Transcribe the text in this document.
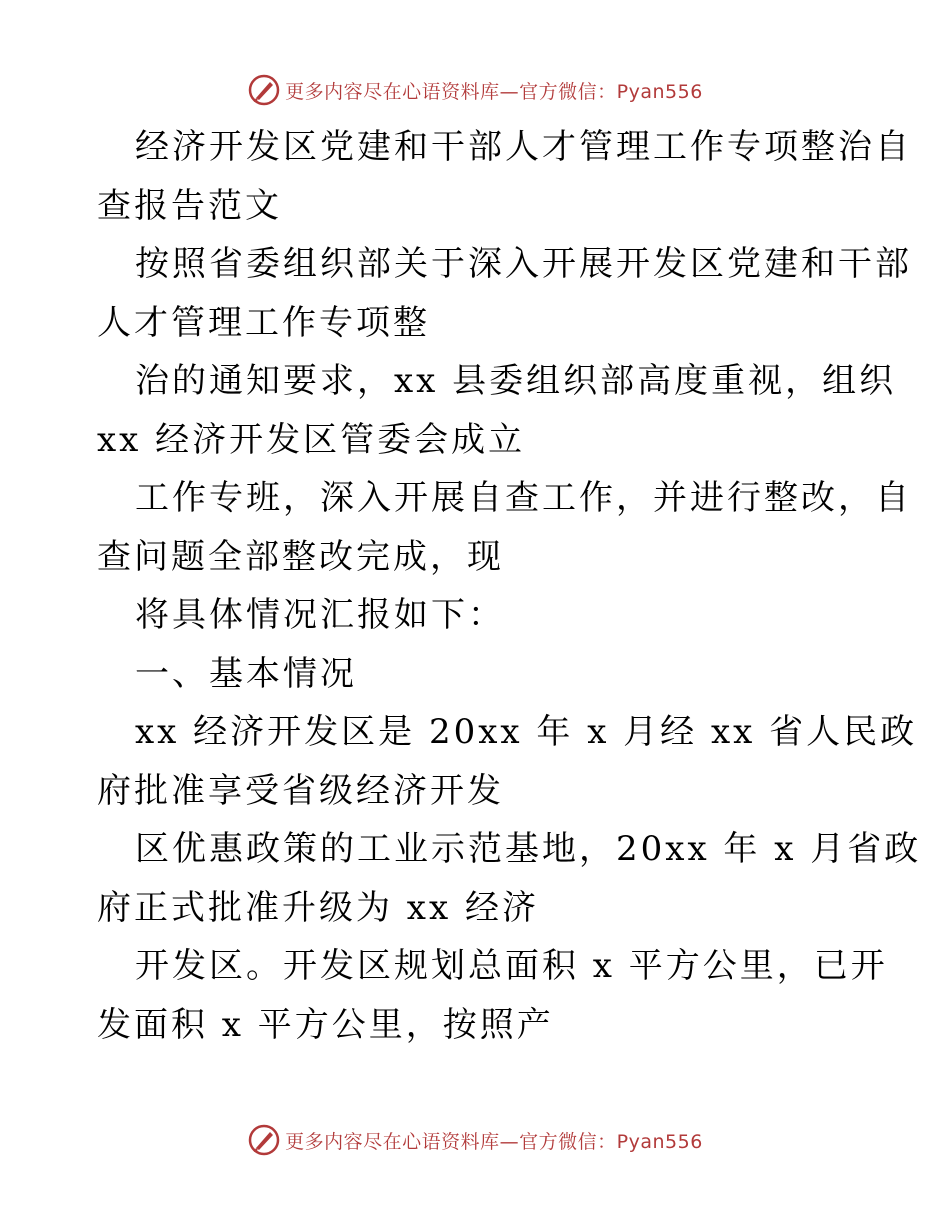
更多内容尽在心语资料库—官方微信：Pyan556
经济开发区党建和干部人才管理工作专项整治自
查报告范文
按照省委组织部关于深入开展开发区党建和干部
人才管理工作专项整
治的通知要求，xx 县委组织部高度重视，组织
xx 经济开发区管委会成立
工作专班，深入开展自查工作，并进行整改，自
查问题全部整改完成，现
将具体情况汇报如下：
一、基本情况
xx 经济开发区是 20xx 年 x 月经 xx 省人民政
府批准享受省级经济开发
区优惠政策的工业示范基地，20xx 年 x 月省政
府正式批准升级为 xx 经济
开发区。开发区规划总面积 x 平方公里，已开
发面积 x 平方公里，按照产
更多内容尽在心语资料库—官方微信：Pyan556
